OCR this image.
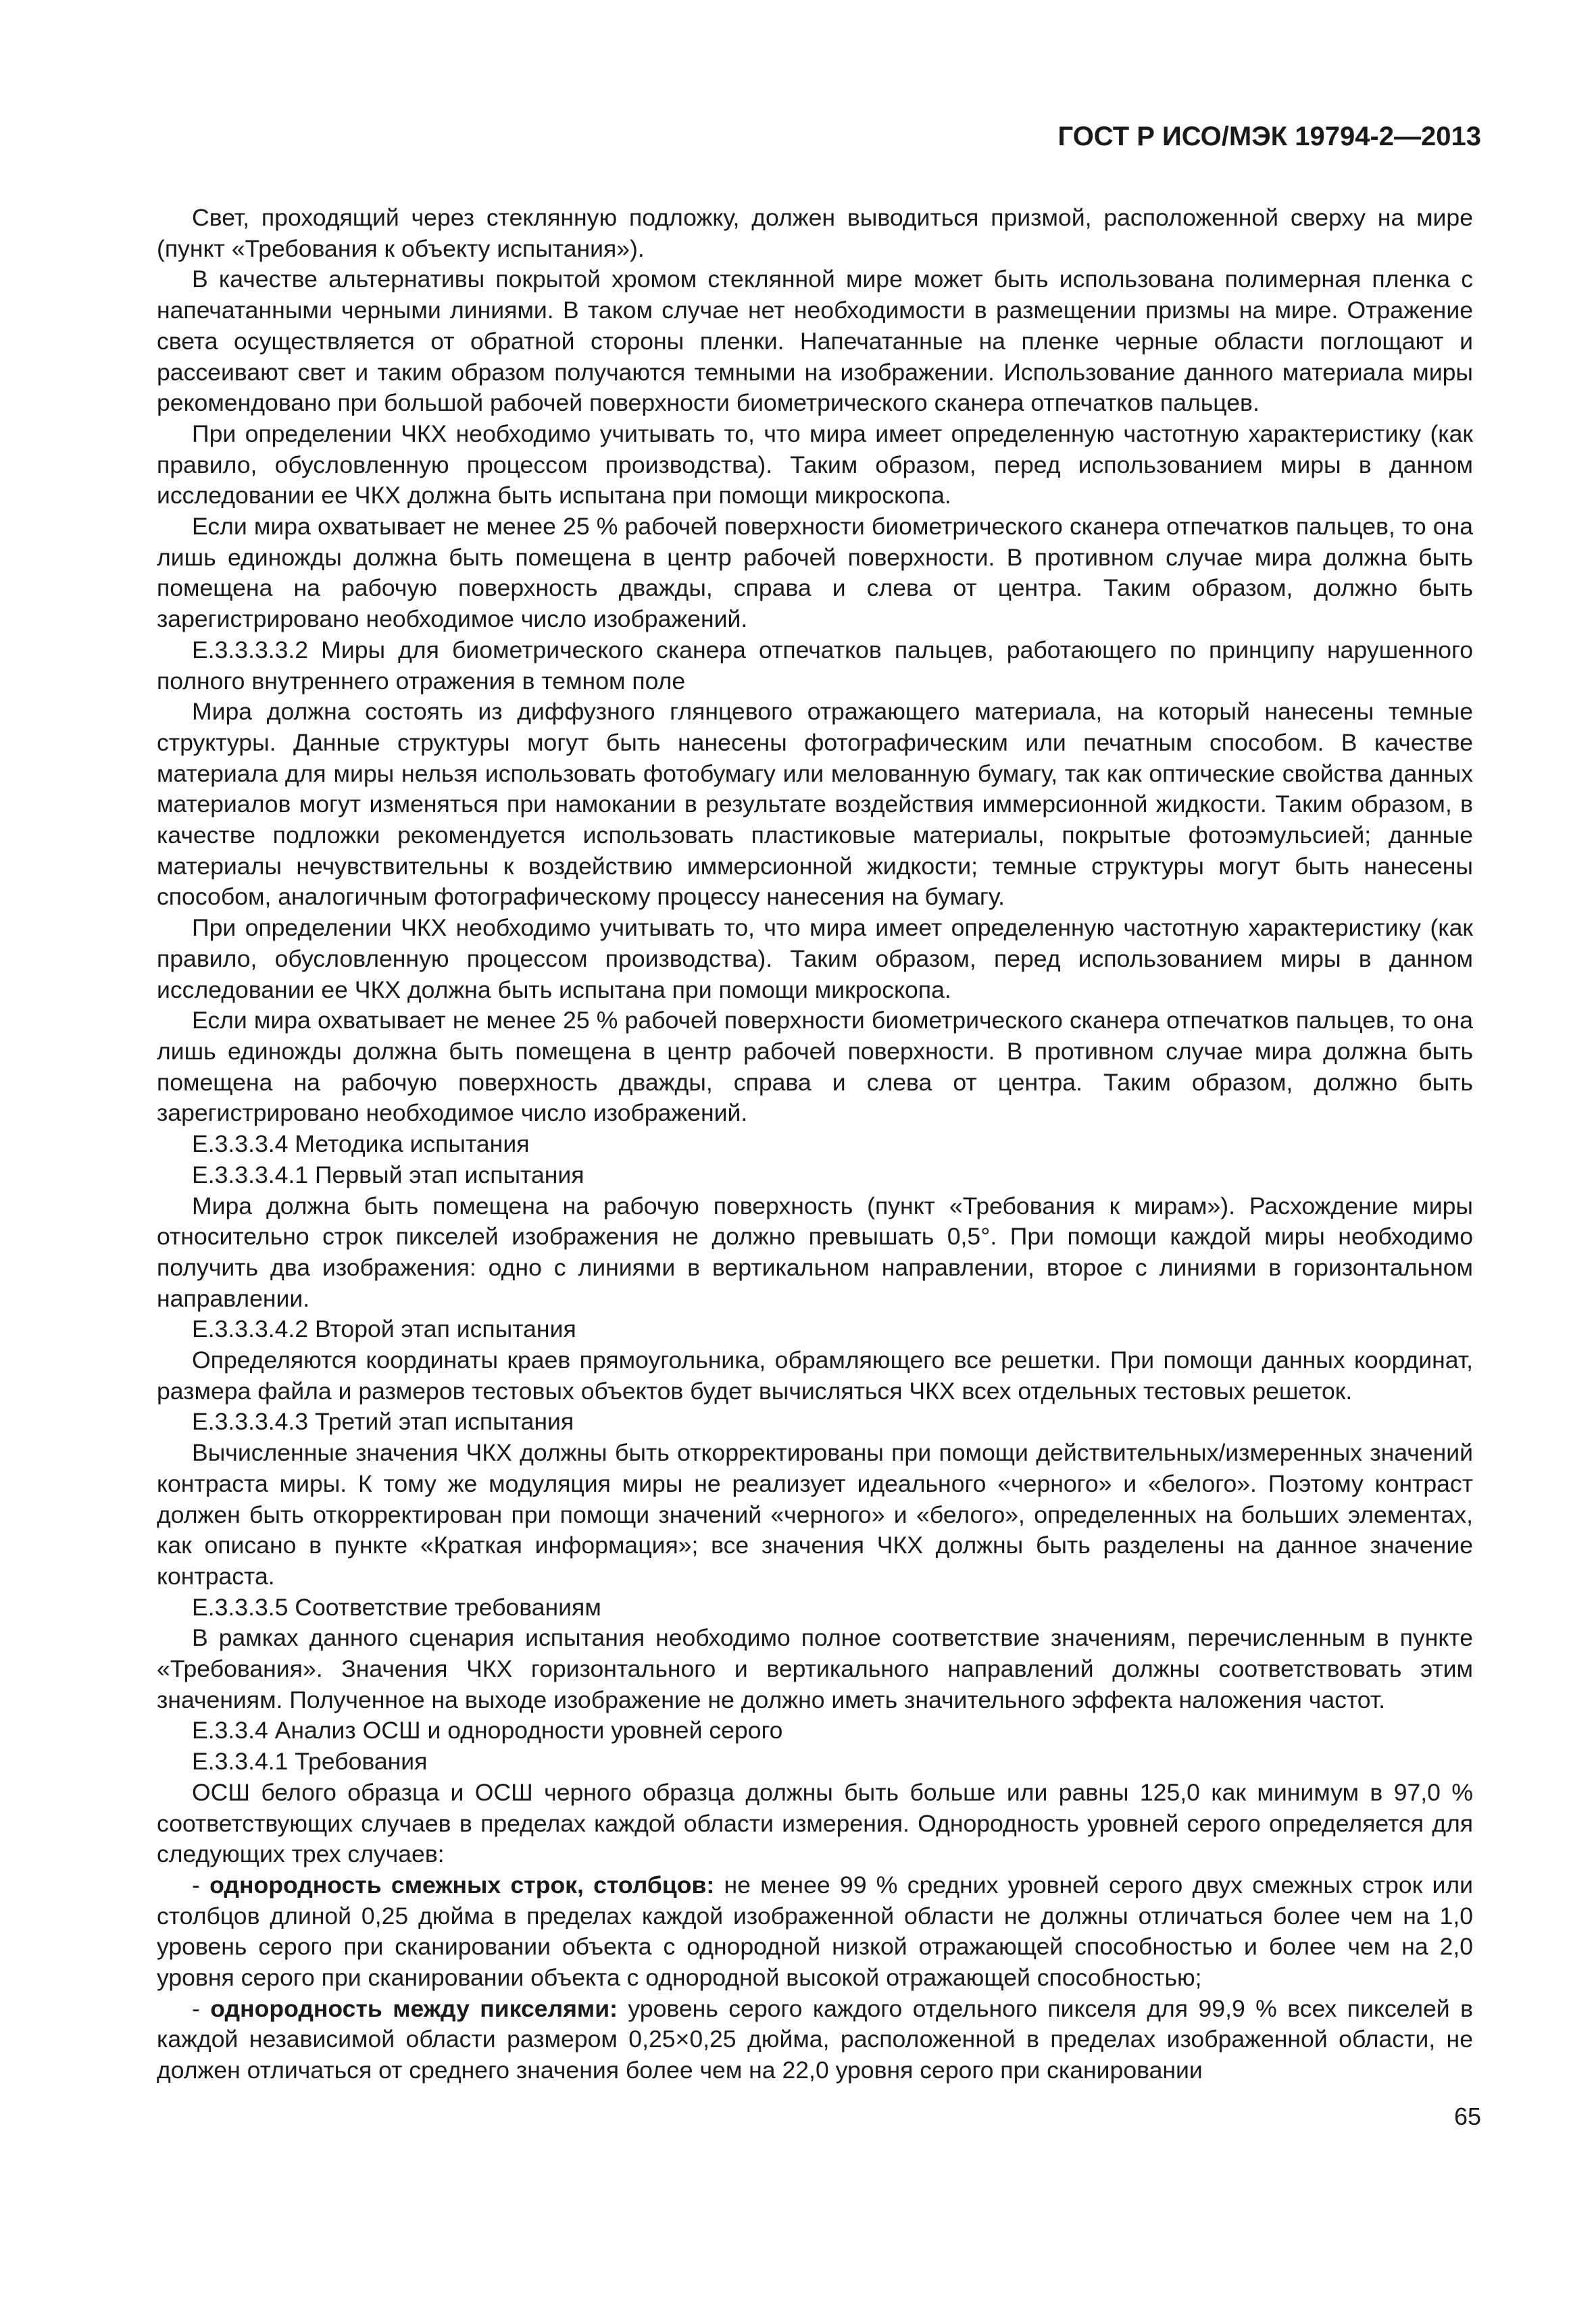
ГОСТ Р ИСО/МЭК 19794-2—2013

Свет, проходящий через стеклянную подложку, должен выводиться призмой, расположенной сверху на мире (пункт «Требования к объекту испытания»).

В качестве альтернативы покрытой хромом стеклянной мире может быть использована полимерная пленка с напечатанными черными линиями. В таком случае нет необходимости в размещении призмы на мире. Отражение света осуществляется от обратной стороны пленки. Напечатанные на пленке черные области поглощают и рассеивают свет и таким образом получаются темными на изображении. Использование данного материала миры рекомендовано при большой рабочей поверхности биометрического сканера отпечатков пальцев.

При определении ЧКХ необходимо учитывать то, что мира имеет определенную частотную характеристику (как правило, обусловленную процессом производства). Таким образом, перед использованием миры в данном исследовании ее ЧКХ должна быть испытана при помощи микроскопа.

Если мира охватывает не менее 25 % рабочей поверхности биометрического сканера отпечатков пальцев, то она лишь единожды должна быть помещена в центр рабочей поверхности. В противном случае мира должна быть помещена на рабочую поверхность дважды, справа и слева от центра. Таким образом, должно быть зарегистрировано необходимое число изображений.

Е.3.3.3.3.2 Миры для биометрического сканера отпечатков пальцев, работающего по принципу нарушенного полного внутреннего отражения в темном поле

Мира должна состоять из диффузного глянцевого отражающего материала, на который нанесены темные структуры. Данные структуры могут быть нанесены фотографическим или печатным способом. В качестве материала для миры нельзя использовать фотобумагу или мелованную бумагу, так как оптические свойства данных материалов могут изменяться при намокании в результате воздействия иммерсионной жидкости. Таким образом, в качестве подложки рекомендуется использовать пластиковые материалы, покрытые фотоэмульсией; данные материалы нечувствительны к воздействию иммерсионной жидкости; темные структуры могут быть нанесены способом, аналогичным фотографическому процессу нанесения на бумагу.

При определении ЧКХ необходимо учитывать то, что мира имеет определенную частотную характеристику (как правило, обусловленную процессом производства). Таким образом, перед использованием миры в данном исследовании ее ЧКХ должна быть испытана при помощи микроскопа.

Если мира охватывает не менее 25 % рабочей поверхности биометрического сканера отпечатков пальцев, то она лишь единожды должна быть помещена в центр рабочей поверхности. В противном случае мира должна быть помещена на рабочую поверхность дважды, справа и слева от центра. Таким образом, должно быть зарегистрировано необходимое число изображений.

Е.3.3.3.4 Методика испытания

Е.3.3.3.4.1 Первый этап испытания

Мира должна быть помещена на рабочую поверхность (пункт «Требования к мирам»). Расхождение миры относительно строк пикселей изображения не должно превышать 0,5°. При помощи каждой миры необходимо получить два изображения: одно с линиями в вертикальном направлении, второе с линиями в горизонтальном направлении.

Е.3.3.3.4.2 Второй этап испытания

Определяются координаты краев прямоугольника, обрамляющего все решетки. При помощи данных координат, размера файла и размеров тестовых объектов будет вычисляться ЧКХ всех отдельных тестовых решеток.

Е.3.3.3.4.3 Третий этап испытания

Вычисленные значения ЧКХ должны быть откорректированы при помощи действительных/измеренных значений контраста миры. К тому же модуляция миры не реализует идеального «черного» и «белого». Поэтому контраст должен быть откорректирован при помощи значений «черного» и «белого», определенных на больших элементах, как описано в пункте «Краткая информация»; все значения ЧКХ должны быть разделены на данное значение контраста.

Е.3.3.3.5 Соответствие требованиям

В рамках данного сценария испытания необходимо полное соответствие значениям, перечисленным в пункте «Требования». Значения ЧКХ горизонтального и вертикального направлений должны соответствовать этим значениям. Полученное на выходе изображение не должно иметь значительного эффекта наложения частот.

Е.3.3.4 Анализ ОСШ и однородности уровней серого

Е.3.3.4.1 Требования

ОСШ белого образца и ОСШ черного образца должны быть больше или равны 125,0 как минимум в 97,0 % соответствующих случаев в пределах каждой области измерения. Однородность уровней серого определяется для следующих трех случаев:

- однородность смежных строк, столбцов: не менее 99 % средних уровней серого двух смежных строк или столбцов длиной 0,25 дюйма в пределах каждой изображенной области не должны отличаться более чем на 1,0 уровень серого при сканировании объекта с однородной низкой отражающей способностью и более чем на 2,0 уровня серого при сканировании объекта с однородной высокой отражающей способностью;

- однородность между пикселями: уровень серого каждого отдельного пикселя для 99,9 % всех пикселей в каждой независимой области размером 0,25×0,25 дюйма, расположенной в пределах изображенной области, не должен отличаться от среднего значения более чем на 22,0 уровня серого при сканировании

65
